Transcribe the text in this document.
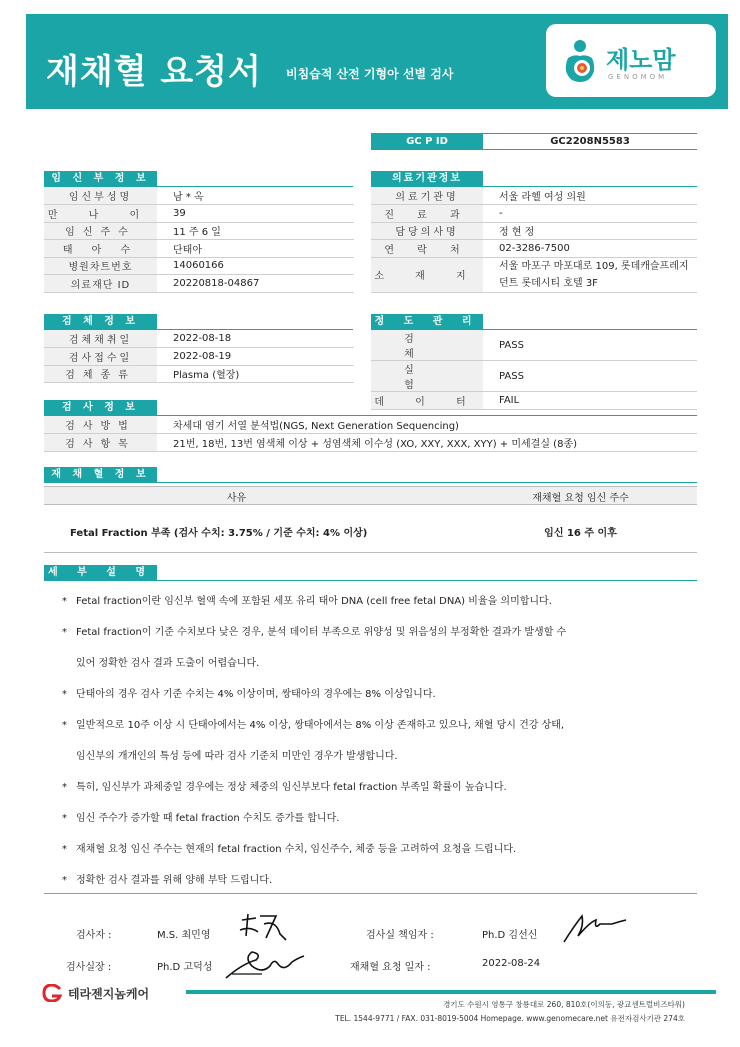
재채혈 요청서 비침습적 산전 기형아 선별 검사	제노맘
GENOMOM
GC P ID	GC2208N5583
임 신 부 정 보
임신부성명	남 * 옥
만 나 이	39
임신주수	11 주 6 일
태 아 수	단태아
병원차트번호	14060166
의료재단 ID	20220818-04867
의료기관정보
의료기관명	서울 라헬 여성 의원
진 료 과	-
담당의사명	정 현 정
연 락 처	02-3286-7500
소 재 지	서울 마포구 마포대로 109, 롯데캐슬프레지
던트 롯데시티 호텔 3F
검 체 정 보
검체채취일	2022-08-18
검사접수일	2022-08-19
검체종류	Plasma (혈장)
정 도 관 리
검 체	PASS
실 험	PASS
데 이 터	FAIL
검 사 정 보
검사방법	차세대 염기 서열 분석법(NGS, Next Generation Sequencing)
검사항목	21번, 18번, 13번 염색체 이상 + 성염색체 이수성 (XO, XXY, XXX, XYY) + 미세결실 (8종)
재 채 혈 정 보
사유	재채혈 요청 임신 주수
Fetal Fraction 부족 (검사 수치: 3.75% / 기준 수치: 4% 이상)	임신 16 주 이후
세 부 설 명
* Fetal fraction이란 임신부 혈액 속에 포함된 세포 유리 태아 DNA (cell free fetal DNA) 비율을 의미합니다.
* Fetal fraction이 기준 수치보다 낮은 경우, 분석 데이터 부족으로 위양성 및 위음성의 부정확한 결과가 발생할 수
있어 정확한 검사 결과 도출이 어렵습니다.
* 단태아의 경우 검사 기준 수치는 4% 이상이며, 쌍태아의 경우에는 8% 이상입니다.
* 일반적으로 10주 이상 시 단태아에서는 4% 이상, 쌍태아에서는 8% 이상 존재하고 있으나, 채혈 당시 건강 상태,
임신부의 개개인의 특성 등에 따라 검사 기준치 미만인 경우가 발생합니다.
* 특히, 임신부가 과체중일 경우에는 정상 체중의 임신부보다 fetal fraction 부족일 확률이 높습니다.
* 임신 주수가 증가할 때 fetal fraction 수치도 증가를 합니다.
* 재채혈 요청 임신 주수는 현재의 fetal fraction 수치, 임신주수, 체중 등을 고려하여 요청을 드립니다.
* 정확한 검사 결과를 위해 양해 부탁 드립니다.
검사자 :	M.S. 최민영	검사실 책임자 :	Ph.D 김선신
검사실장 :	Ph.D 고덕성	재채혈 요청 일자 :	2022-08-24
테라젠지놈케어
경기도 수원시 영통구 창룡대로 260, 810호(이의동, 광교센트럴비즈타워)
TEL. 1544-9771 / FAX. 031-8019-5004 Homepage. www.genomecare.net 유전자검사기관 274호
